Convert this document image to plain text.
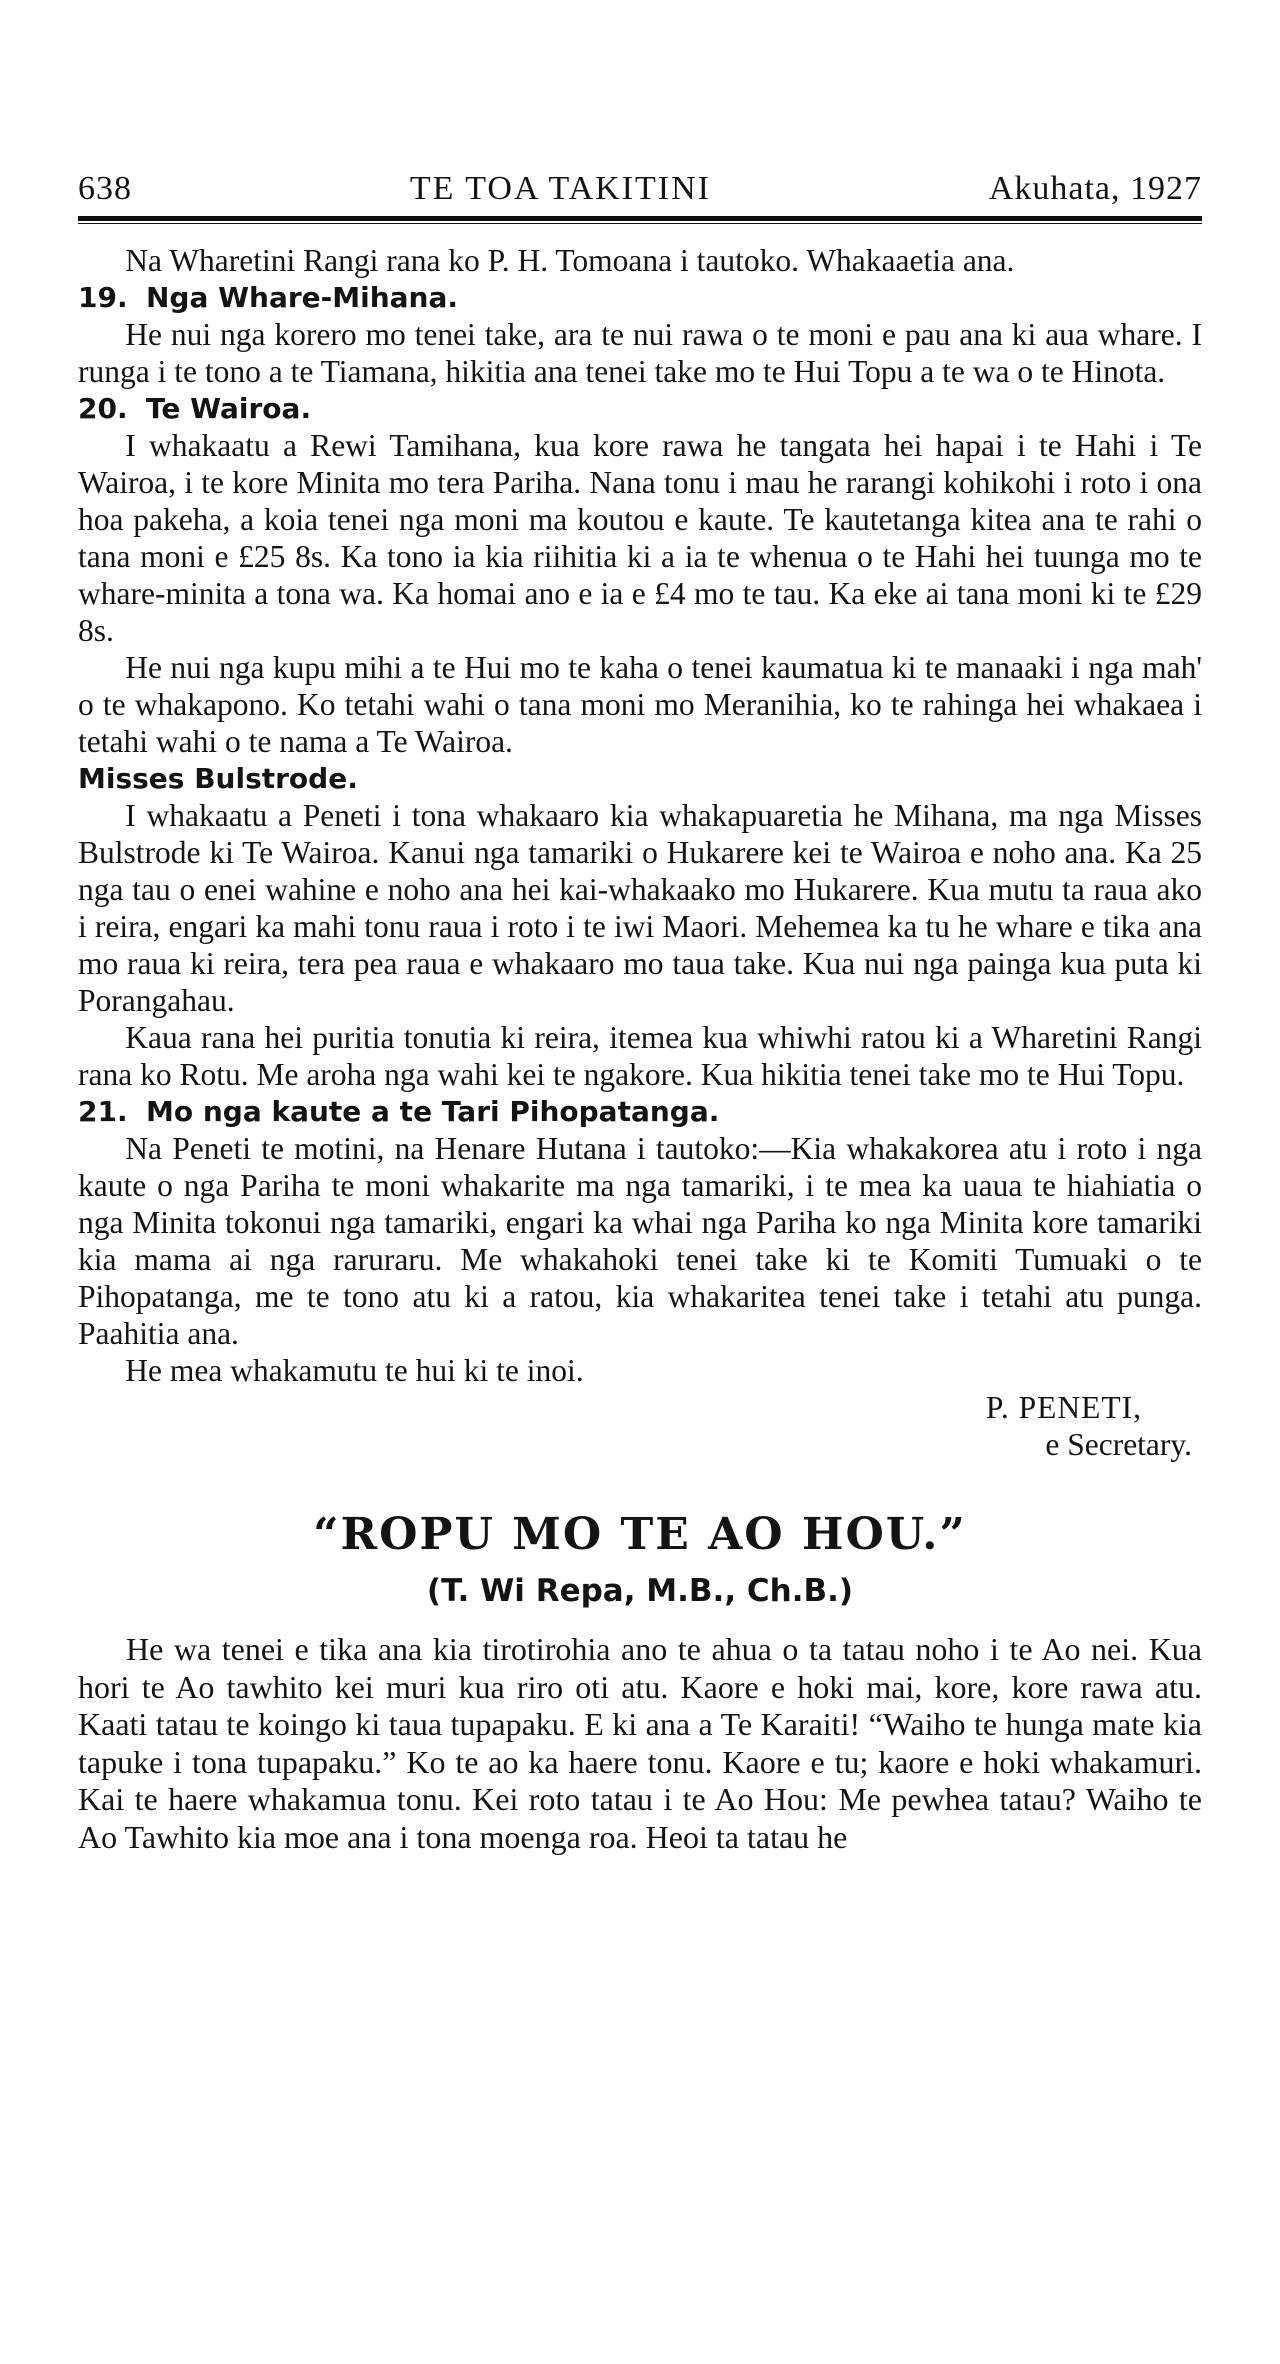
638	TE TOA TAKITINI	Akuhata, 1927

Na Wharetini Rangi rana ko P. H. Tomoana i tautoko. Whakaaetia ana.

19. Nga Whare-Mihana.

He nui nga korero mo tenei take, ara te nui rawa o te moni e pau ana ki aua whare. I runga i te tono a te Tiamana, hikitia ana tenei take mo te Hui Topu a te wa o te Hinota.

20. Te Wairoa.

I whakaatu a Rewi Tamihana, kua kore rawa he tangata hei hapai i te Hahi i Te Wairoa, i te kore Minita mo tera Pariha. Nana tonu i mau he rarangi kohikohi i roto i ona hoa pakeha, a koia tenei nga moni ma koutou e kaute. Te kautetanga kitea ana te rahi o tana moni e £25 8s. Ka tono ia kia riihitia ki a ia te whenua o te Hahi hei tuunga mo te whare-minita a tona wa. Ka homai ano e ia e £4 mo te tau. Ka eke ai tana moni ki te £29 8s.

He nui nga kupu mihi a te Hui mo te kaha o tenei kaumatua ki te manaaki i nga mah' o te whakapono. Ko tetahi wahi o tana moni mo Meranihia, ko te rahinga hei whakaea i tetahi wahi o te nama a Te Wairoa.

Misses Bulstrode.

I whakaatu a Peneti i tona whakaaro kia whakapuaretia he Mihana, ma nga Misses Bulstrode ki Te Wairoa. Kanui nga tamariki o Hukarere kei te Wairoa e noho ana. Ka 25 nga tau o enei wahine e noho ana hei kai-whakaako mo Hukarere. Kua mutu ta raua ako i reira, engari ka mahi tonu raua i roto i te iwi Maori. Mehemea ka tu he whare e tika ana mo raua ki reira, tera pea raua e whakaaro mo taua take. Kua nui nga painga kua puta ki Porangahau.

Kaua rana hei puritia tonutia ki reira, itemea kua whiwhi ratou ki a Wharetini Rangi rana ko Rotu. Me aroha nga wahi kei te ngakore. Kua hikitia tenei take mo te Hui Topu.

21. Mo nga kaute a te Tari Pihopatanga.

Na Peneti te motini, na Henare Hutana i tautoko:—Kia whakakorea atu i roto i nga kaute o nga Pariha te moni whakarite ma nga tamariki, i te mea ka uaua te hiahiatia o nga Minita tokonui nga tamariki, engari ka whai nga Pariha ko nga Minita kore tamariki kia mama ai nga raruraru. Me whakahoki tenei take ki te Komiti Tumuaki o te Pihopatanga, me te tono atu ki a ratou, kia whakaritea tenei take i tetahi atu punga. Paahitia ana.

He mea whakamutu te hui ki te inoi.

P. PENETI,

e Secretary.

“ROPU MO TE AO HOU.”
(T. Wi Repa, M.B., Ch.B.)

He wa tenei e tika ana kia tirotirohia ano te ahua o ta tatau noho i te Ao nei. Kua hori te Ao tawhito kei muri kua riro oti atu. Kaore e hoki mai, kore, kore rawa atu. Kaati tatau te koingo ki taua tupapaku. E ki ana a Te Karaiti! “Waiho te hunga mate kia tapuke i tona tupapaku.” Ko te ao ka haere tonu. Kaore e tu; kaore e hoki whakamuri. Kai te haere whakamua tonu. Kei roto tatau i te Ao Hou: Me pewhea tatau? Waiho te Ao Tawhito kia moe ana i tona moenga roa. Heoi ta tatau he
